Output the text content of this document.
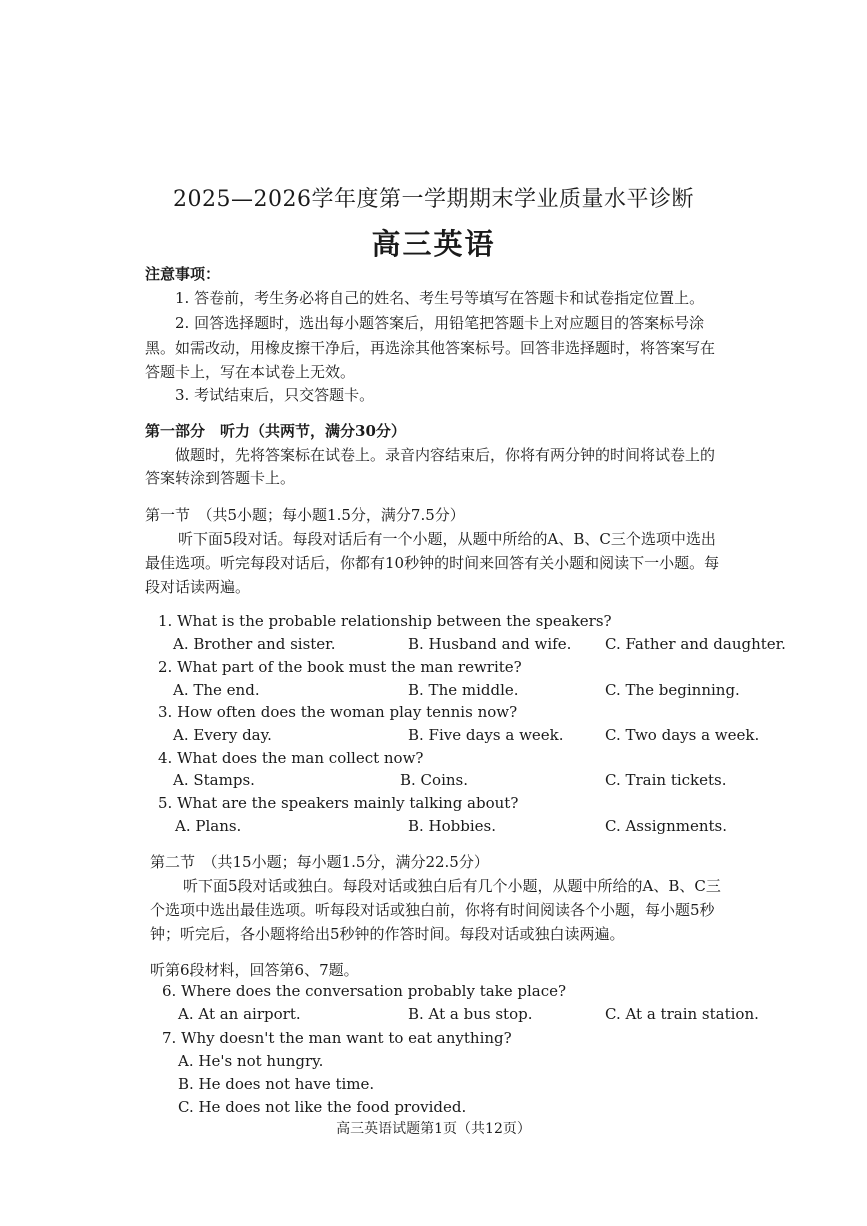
2025—2026学年度第一学期期末学业质量水平诊断
高三英语
注意事项：
1. 答卷前，考生务必将自己的姓名、考生号等填写在答题卡和试卷指定位置上。
2. 回答选择题时，选出每小题答案后，用铅笔把答题卡上对应题目的答案标号涂
黑。如需改动，用橡皮擦干净后，再选涂其他答案标号。回答非选择题时，将答案写在
答题卡上，写在本试卷上无效。
3. 考试结束后，只交答题卡。
第一部分　听力（共两节，满分30分）
做题时，先将答案标在试卷上。录音内容结束后，你将有两分钟的时间将试卷上的
答案转涂到答题卡上。
第一节　（共5小题；每小题1.5分，满分7.5分）
听下面5段对话。每段对话后有一个小题，从题中所给的A、B、C三个选项中选出
最佳选项。听完每段对话后，你都有10秒钟的时间来回答有关小题和阅读下一小题。每
段对话读两遍。
1. What is the probable relationship between the speakers?
A. Brother and sister.	B. Husband and wife. C. Father and daughter.
2. What part of the book must the man rewrite?
A. The end.	B. The middle.	C. The beginning.
3. How often does the woman play tennis now?
A. Every day.	B. Five days a week.	C. Two days a week.
4. What does the man collect now?
A. Stamps.	B. Coins.	C. Train tickets.
5. What are the speakers mainly talking about?
A. Plans.	B. Hobbies.	C. Assignments.
第二节　（共15小题；每小题1.5分，满分22.5分）
听下面5段对话或独白。每段对话或独白后有几个小题，从题中所给的A、B、C三
个选项中选出最佳选项。听每段对话或独白前，你将有时间阅读各个小题，每小题5秒
钟；听完后，各小题将给出5秒钟的作答时间。每段对话或独白读两遍。
听第6段材料，回答第6、7题。
6. Where does the conversation probably take place?
A. At an airport.	B. At a bus stop.	C. At a train station.
7. Why doesn't the man want to eat anything?
A. He's not hungry.
B. He does not have time.
C. He does not like the food provided.
高三英语试题第1页（共12页）
